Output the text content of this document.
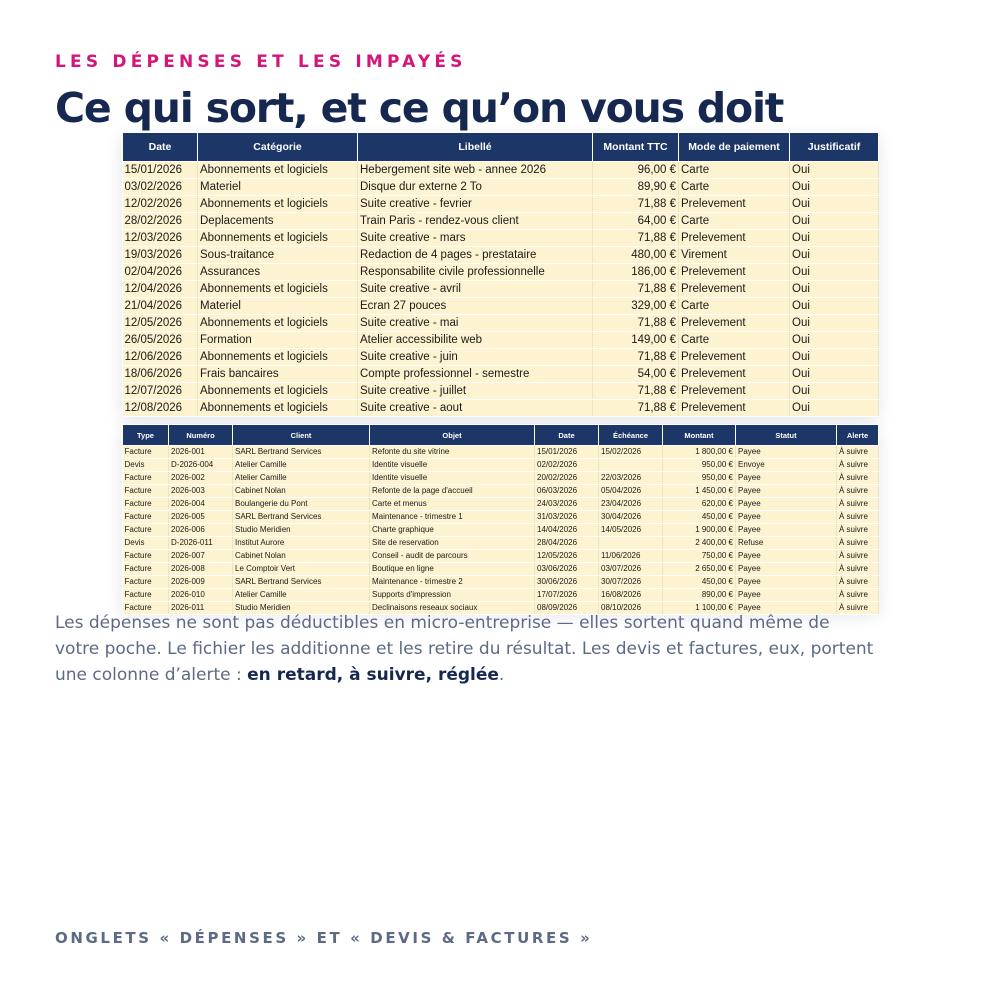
LES DÉPENSES ET LES IMPAYÉS
Ce qui sort, et ce qu’on vous doit
Date	Catégorie	Libellé	Montant TTC	Mode de paiement	Justificatif
15/01/2026	Abonnements et logiciels	Hebergement site web - annee 2026	96,00 €	Carte	Oui
03/02/2026	Materiel	Disque dur externe 2 To	89,90 €	Carte	Oui
12/02/2026	Abonnements et logiciels	Suite creative - fevrier	71,88 €	Prelevement	Oui
28/02/2026	Deplacements	Train Paris - rendez-vous client	64,00 €	Carte	Oui
12/03/2026	Abonnements et logiciels	Suite creative - mars	71,88 €	Prelevement	Oui
19/03/2026	Sous-traitance	Redaction de 4 pages - prestataire	480,00 €	Virement	Oui
02/04/2026	Assurances	Responsabilite civile professionnelle	186,00 €	Prelevement	Oui
12/04/2026	Abonnements et logiciels	Suite creative - avril	71,88 €	Prelevement	Oui
21/04/2026	Materiel	Ecran 27 pouces	329,00 €	Carte	Oui
12/05/2026	Abonnements et logiciels	Suite creative - mai	71,88 €	Prelevement	Oui
26/05/2026	Formation	Atelier accessibilite web	149,00 €	Carte	Oui
12/06/2026	Abonnements et logiciels	Suite creative - juin	71,88 €	Prelevement	Oui
18/06/2026	Frais bancaires	Compte professionnel - semestre	54,00 €	Prelevement	Oui
12/07/2026	Abonnements et logiciels	Suite creative - juillet	71,88 €	Prelevement	Oui
12/08/2026	Abonnements et logiciels	Suite creative - aout	71,88 €	Prelevement	Oui
Type	Numéro	Client	Objet	Date	Échéance	Montant	Statut	Alerte
Facture	2026-001	SARL Bertrand Services	Refonte du site vitrine	15/01/2026	15/02/2026	1 800,00 €	Payee	À suivre
Devis	D-2026-004	Atelier Camille	Identite visuelle	02/02/2026		950,00 €	Envoye	À suivre
Facture	2026-002	Atelier Camille	Identite visuelle	20/02/2026	22/03/2026	950,00 €	Payee	À suivre
Facture	2026-003	Cabinet Nolan	Refonte de la page d'accueil	06/03/2026	05/04/2026	1 450,00 €	Payee	À suivre
Facture	2026-004	Boulangerie du Pont	Carte et menus	24/03/2026	23/04/2026	620,00 €	Payee	À suivre
Facture	2026-005	SARL Bertrand Services	Maintenance - trimestre 1	31/03/2026	30/04/2026	450,00 €	Payee	À suivre
Facture	2026-006	Studio Meridien	Charte graphique	14/04/2026	14/05/2026	1 900,00 €	Payee	À suivre
Devis	D-2026-011	Institut Aurore	Site de reservation	28/04/2026		2 400,00 €	Refuse	À suivre
Facture	2026-007	Cabinet Nolan	Conseil - audit de parcours	12/05/2026	11/06/2026	750,00 €	Payee	À suivre
Facture	2026-008	Le Comptoir Vert	Boutique en ligne	03/06/2026	03/07/2026	2 650,00 €	Payee	À suivre
Facture	2026-009	SARL Bertrand Services	Maintenance - trimestre 2	30/06/2026	30/07/2026	450,00 €	Payee	À suivre
Facture	2026-010	Atelier Camille	Supports d'impression	17/07/2026	16/08/2026	890,00 €	Payee	À suivre
Facture	2026-011	Studio Meridien	Declinaisons reseaux sociaux	08/09/2026	08/10/2026	1 100,00 €	Payee	À suivre

Les dépenses ne sont pas déductibles en micro-entreprise — elles sortent quand même de votre poche. Le fichier les additionne et les retire du résultat. Les devis et factures, eux, portent une colonne d’alerte : en retard, à suivre, réglée.

ONGLETS « DÉPENSES » ET « DEVIS & FACTURES »
